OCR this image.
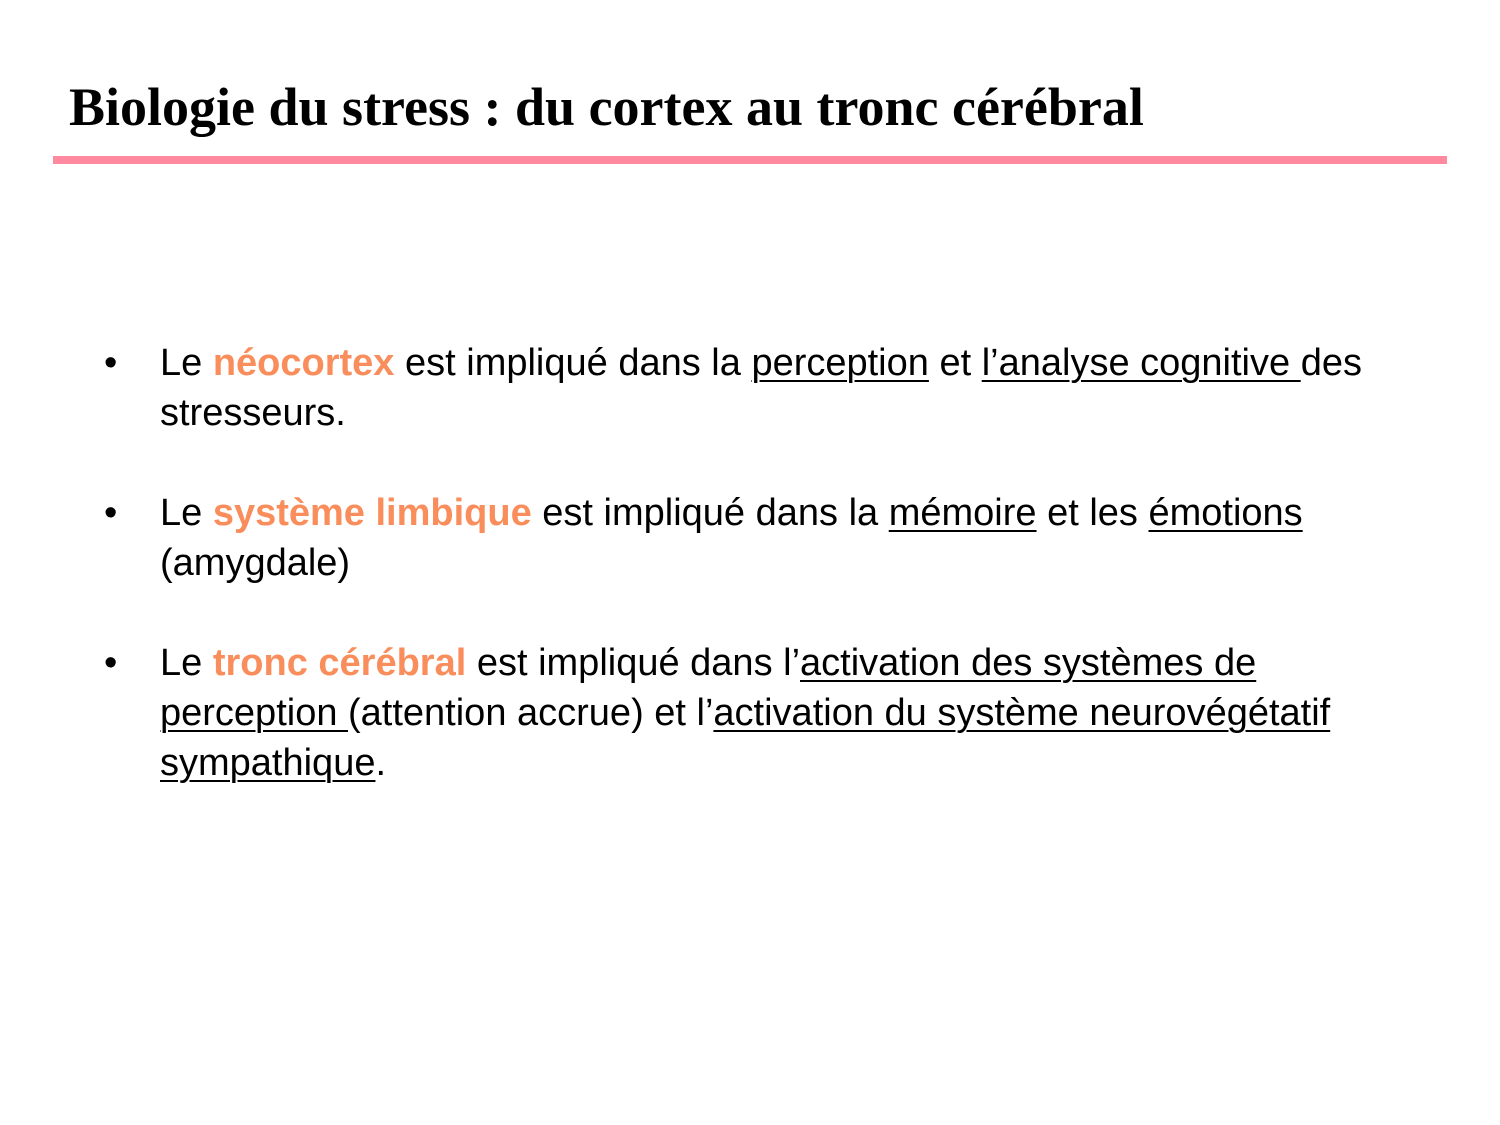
Biologie du stress : du cortex au tronc cérébral
• Le néocortex est impliqué dans la perception et l’analyse cognitive des stresseurs.
• Le système limbique est impliqué dans la mémoire et les émotions (amygdale)
• Le tronc cérébral est impliqué dans l’activation des systèmes de perception (attention accrue) et l’activation du système neurovégétatif sympathique.
